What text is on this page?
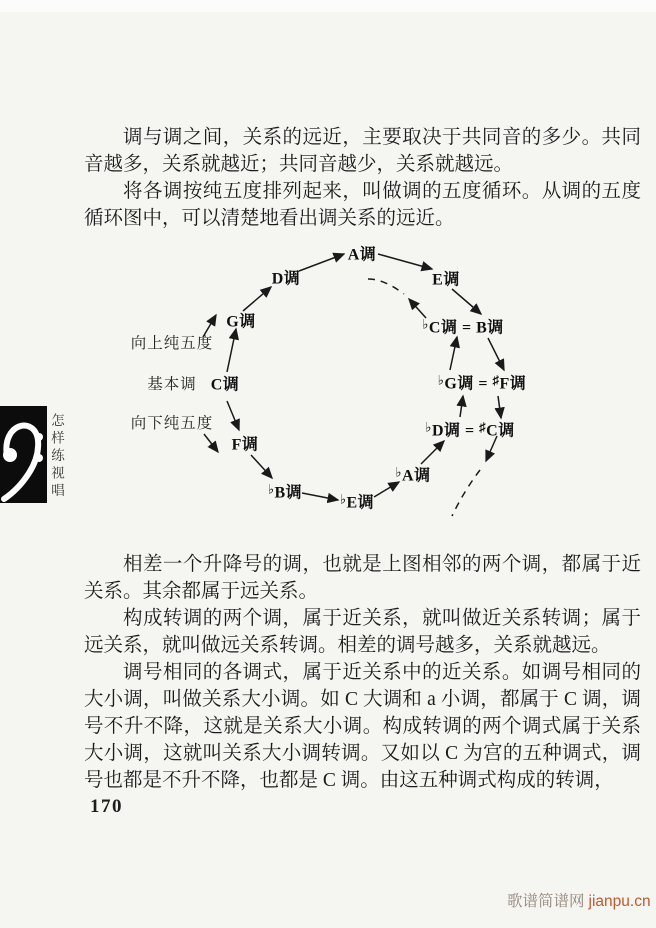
调与调之间，关系的远近，主要取决于共同音的多少。共同音越多，关系就越近；共同音越少，关系就越远。

将各调按纯五度排列起来，叫做调的五度循环。从调的五度循环图中，可以清楚地看出调关系的远近。

A调
D调	E调
G调
C调
F调
♭B调	♭E调
♭A调
♭C调 = B调
♭G调 = ♯F调
♭D调 = ♯C调
向上纯五度
基本调
向下纯五度

相差一个升降号的调，也就是上图相邻的两个调，都属于近关系。其余都属于远关系。

构成转调的两个调，属于近关系，就叫做近关系转调；属于远关系，就叫做远关系转调。相差的调号越多，关系就越远。

调号相同的各调式，属于近关系中的近关系。如调号相同的大小调，叫做关系大小调。如 C 大调和 a 小调，都属于 C 调，调号不升不降，这就是关系大小调。构成转调的两个调式属于关系大小调，这就叫关系大小调转调。又如以 C 为宫的五种调式，调号也都是不升不降，也都是 C 调。由这五种调式构成的转调，

怎样练视唱
170
歌谱简谱网 jianpu.cn
